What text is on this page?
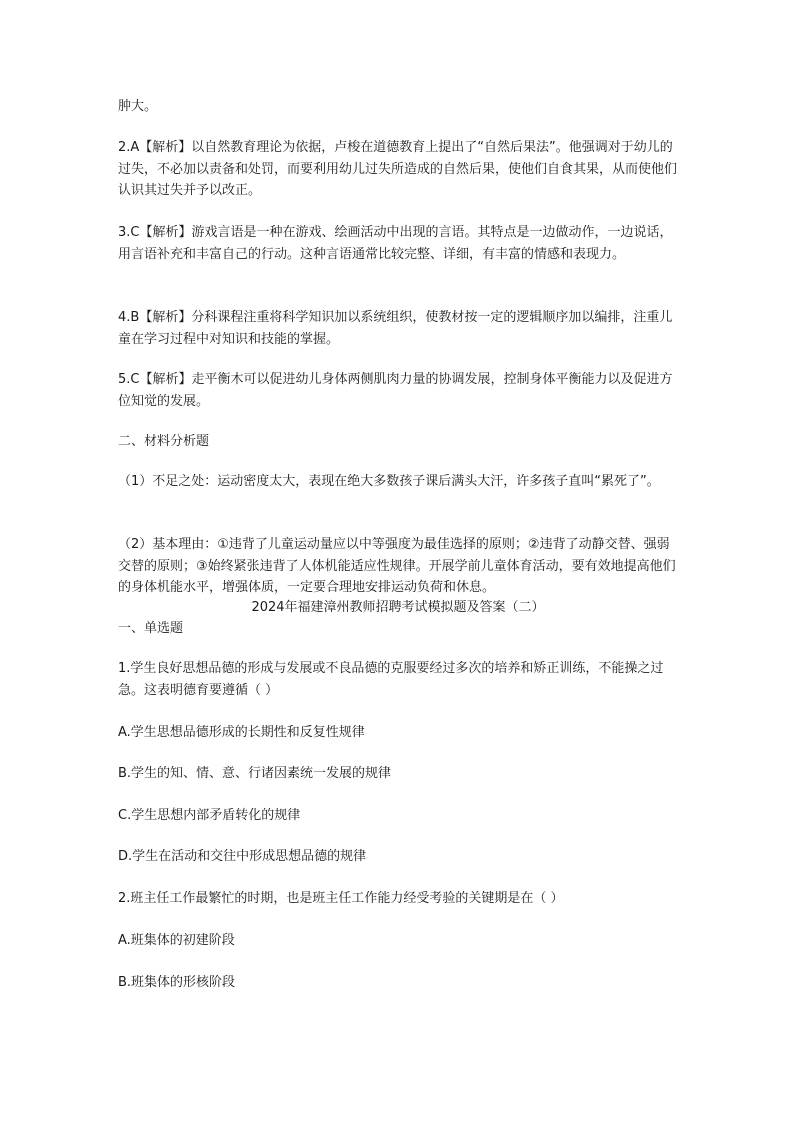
肿大。

2.A【解析】以自然教育理论为依据，卢梭在道德教育上提出了“自然后果法”。他强调对于幼儿的过失，不必加以责备和处罚，而要利用幼儿过失所造成的自然后果，使他们自食其果，从而使他们认识其过失并予以改正。

3.C【解析】游戏言语是一种在游戏、绘画活动中出现的言语。其特点是一边做动作，一边说话，用言语补充和丰富自己的行动。这种言语通常比较完整、详细，有丰富的情感和表现力。

4.B【解析】分科课程注重将科学知识加以系统组织，使教材按一定的逻辑顺序加以编排，注重儿童在学习过程中对知识和技能的掌握。

5.C【解析】走平衡木可以促进幼儿身体两侧肌肉力量的协调发展，控制身体平衡能力以及促进方位知觉的发展。

二、材料分析题

（1）不足之处：运动密度太大，表现在绝大多数孩子课后满头大汗，许多孩子直叫“累死了”。

（2）基本理由：①违背了儿童运动量应以中等强度为最佳选择的原则；②违背了动静交替、强弱交替的原则；③始终紧张违背了人体机能适应性规律。开展学前儿童体育活动，要有效地提高他们的身体机能水平，增强体质，一定要合理地安排运动负荷和休息。

2024年福建漳州教师招聘考试模拟题及答案（二）

一、单选题

1.学生良好思想品德的形成与发展或不良品德的克服要经过多次的培养和矫正训练，不能操之过急。这表明德育要遵循（ ）

A.学生思想品德形成的长期性和反复性规律

B.学生的知、情、意、行诸因素统一发展的规律

C.学生思想内部矛盾转化的规律

D.学生在活动和交往中形成思想品德的规律

2.班主任工作最繁忙的时期，也是班主任工作能力经受考验的关键期是在（ ）

A.班集体的初建阶段

B.班集体的形核阶段
